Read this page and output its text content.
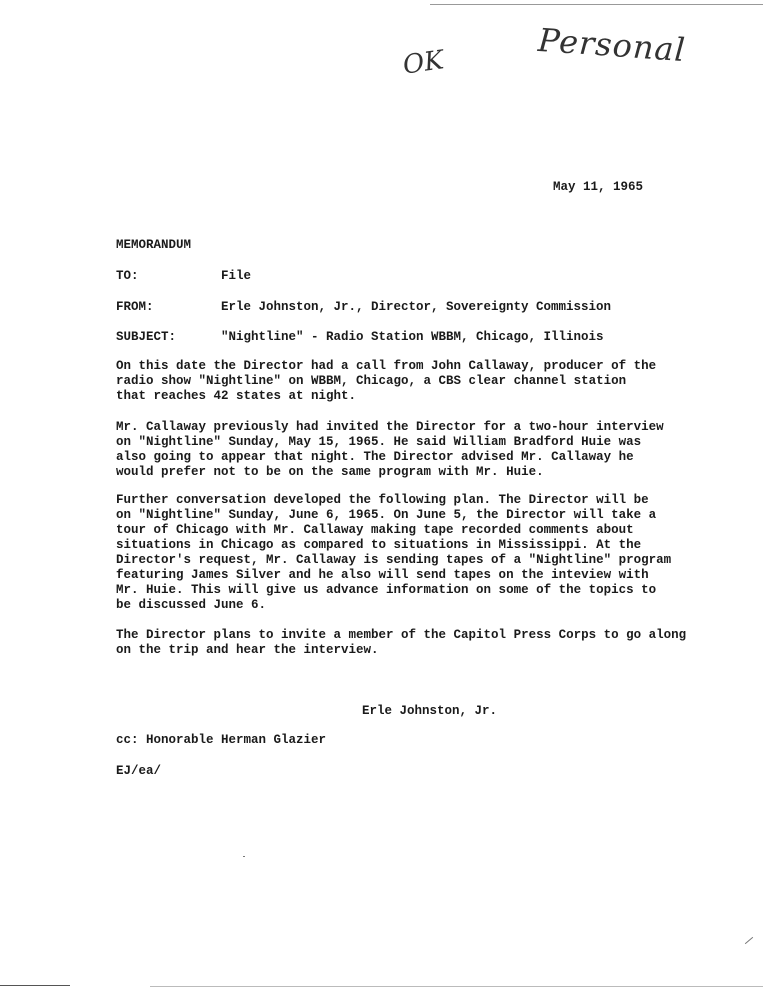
OK	Personal
May 11, 1965
MEMORANDUM
TO:	File
FROM:	Erle Johnston, Jr., Director, Sovereignty Commission
SUBJECT:	"Nightline" - Radio Station WBBM, Chicago, Illinois
On this date the Director had a call from John Callaway, producer of the
radio show "Nightline" on WBBM, Chicago, a CBS clear channel station
that reaches 42 states at night.
Mr. Callaway previously had invited the Director for a two-hour interview
on "Nightline" Sunday, May 15, 1965. He said William Bradford Huie was
also going to appear that night. The Director advised Mr. Callaway he
would prefer not to be on the same program with Mr. Huie.
Further conversation developed the following plan. The Director will be
on "Nightline" Sunday, June 6, 1965. On June 5, the Director will take a
tour of Chicago with Mr. Callaway making tape recorded comments about
situations in Chicago as compared to situations in Mississippi. At the
Director's request, Mr. Callaway is sending tapes of a "Nightline" program
featuring James Silver and he also will send tapes on the inteview with
Mr. Huie. This will give us advance information on some of the topics to
be discussed June 6.
The Director plans to invite a member of the Capitol Press Corps to go along
on the trip and hear the interview.
Erle Johnston, Jr.
cc: Honorable Herman Glazier
EJ/ea/
